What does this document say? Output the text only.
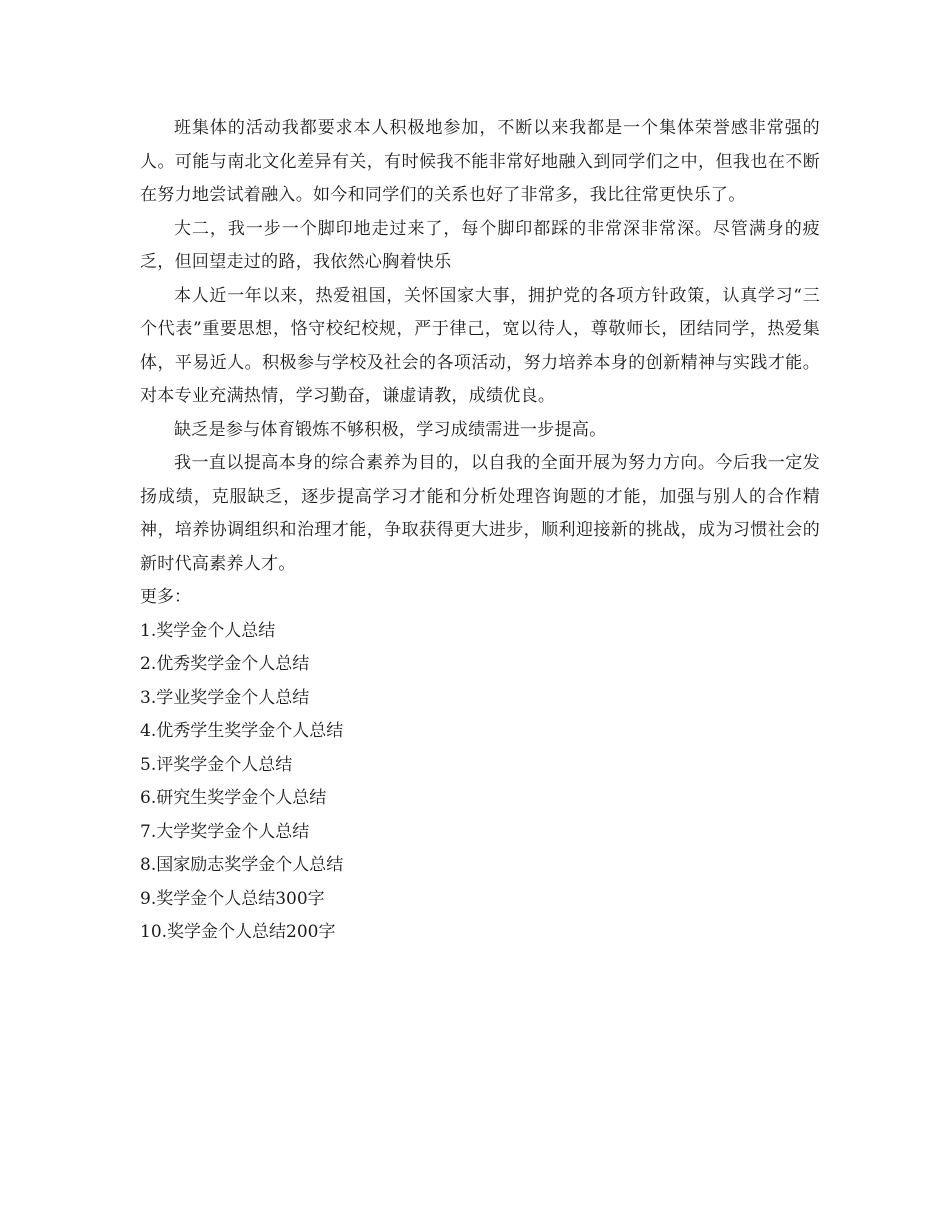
班集体的活动我都要求本人积极地参加，不断以来我都是一个集体荣誉感非常强的人。可能与南北文化差异有关，有时候我不能非常好地融入到同学们之中，但我也在不断在努力地尝试着融入。如今和同学们的关系也好了非常多，我比往常更快乐了。

大二，我一步一个脚印地走过来了，每个脚印都踩的非常深非常深。尽管满身的疲乏，但回望走过的路，我依然心胸着快乐

本人近一年以来，热爱祖国，关怀国家大事，拥护党的各项方针政策，认真学习“三个代表”重要思想，恪守校纪校规，严于律己，宽以待人，尊敬师长，团结同学，热爱集体，平易近人。积极参与学校及社会的各项活动，努力培养本身的创新精神与实践才能。对本专业充满热情，学习勤奋，谦虚请教，成绩优良。

缺乏是参与体育锻炼不够积极，学习成绩需进一步提高。

我一直以提高本身的综合素养为目的，以自我的全面开展为努力方向。今后我一定发扬成绩，克服缺乏，逐步提高学习才能和分析处理咨询题的才能，加强与别人的合作精神，培养协调组织和治理才能，争取获得更大进步，顺利迎接新的挑战，成为习惯社会的新时代高素养人才。

更多：

1.奖学金个人总结
2.优秀奖学金个人总结
3.学业奖学金个人总结
4.优秀学生奖学金个人总结
5.评奖学金个人总结
6.研究生奖学金个人总结
7.大学奖学金个人总结
8.国家励志奖学金个人总结
9.奖学金个人总结300字
10.奖学金个人总结200字
